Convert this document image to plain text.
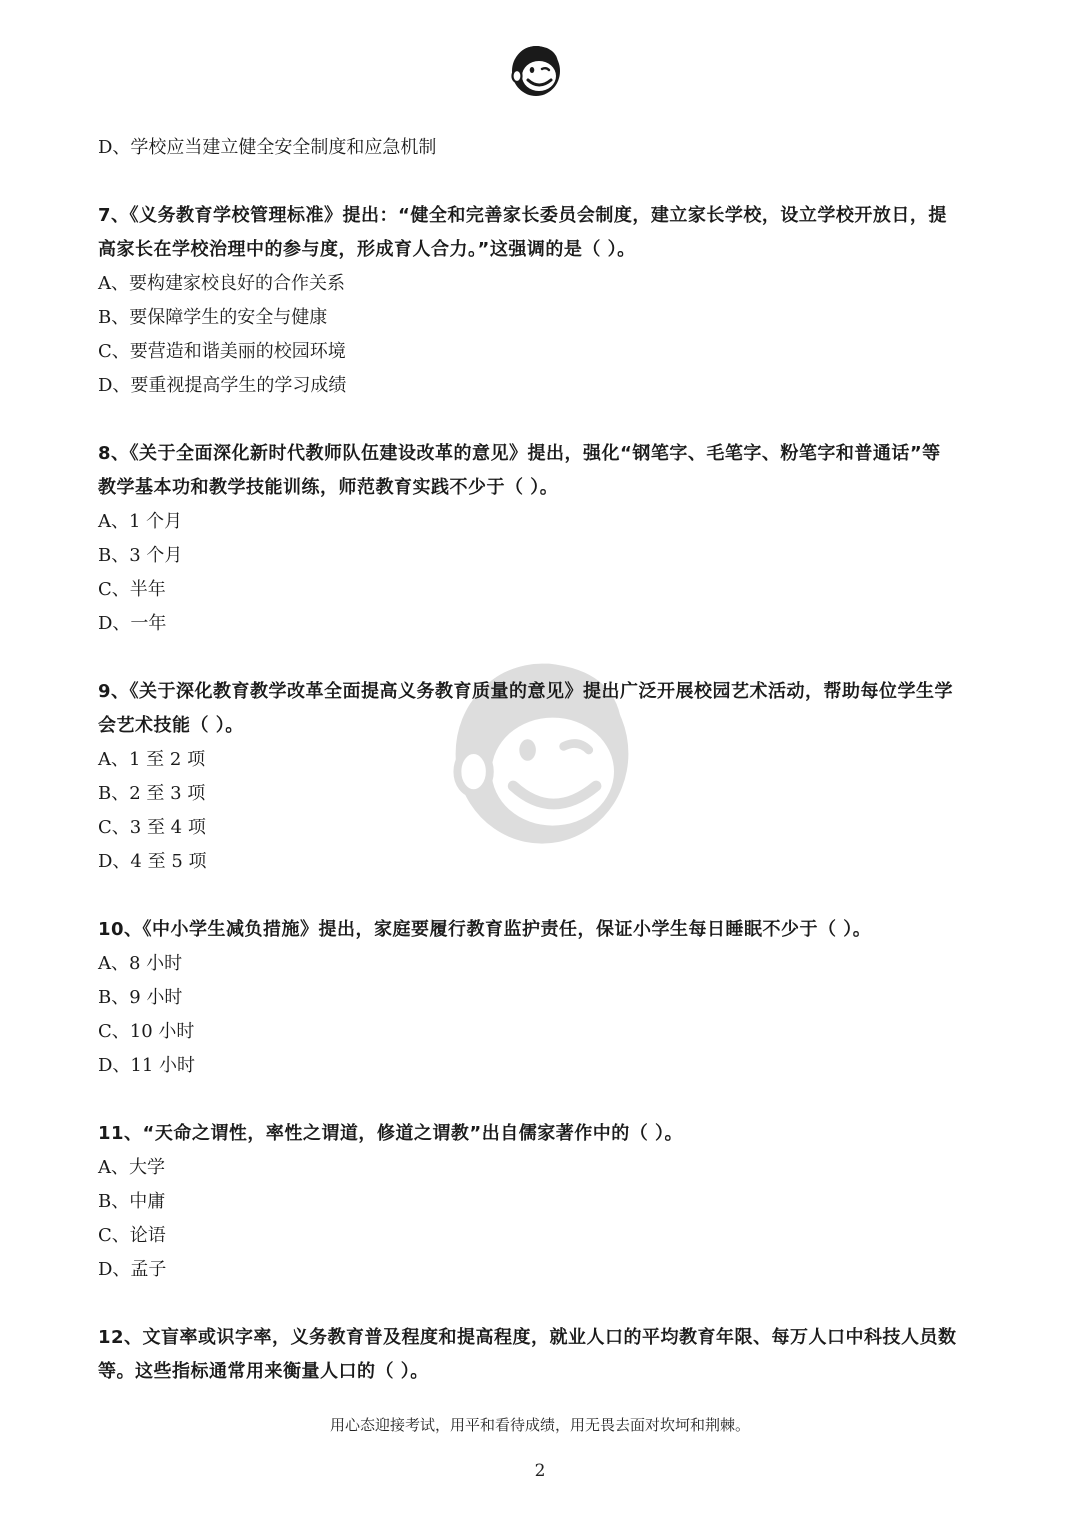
D、学校应当建立健全安全制度和应急机制
7、《义务教育学校管理标准》提出：“健全和完善家长委员会制度，建立家长学校，设立学校开放日，提
高家长在学校治理中的参与度，形成育人合力。”这强调的是（ ）。
A、要构建家校良好的合作关系
B、要保障学生的安全与健康
C、要营造和谐美丽的校园环境
D、要重视提高学生的学习成绩
8、《关于全面深化新时代教师队伍建设改革的意见》提出，强化“钢笔字、毛笔字、粉笔字和普通话”等
教学基本功和教学技能训练，师范教育实践不少于（ ）。
A、1 个月
B、3 个月
C、半年
D、一年
9、《关于深化教育教学改革全面提高义务教育质量的意见》提出广泛开展校园艺术活动，帮助每位学生学
会艺术技能（ ）。
A、1 至 2 项
B、2 至 3 项
C、3 至 4 项
D、4 至 5 项
10、《中小学生减负措施》提出，家庭要履行教育监护责任，保证小学生每日睡眠不少于（ ）。
A、8 小时
B、9 小时
C、10 小时
D、11 小时
11、“天命之谓性，率性之谓道，修道之谓教”出自儒家著作中的（ ）。
A、大学
B、中庸
C、论语
D、孟子
12、文盲率或识字率，义务教育普及程度和提高程度，就业人口的平均教育年限、每万人口中科技人员数
等。这些指标通常用来衡量人口的（ ）。
用心态迎接考试，用平和看待成绩，用无畏去面对坎坷和荆棘。
2
